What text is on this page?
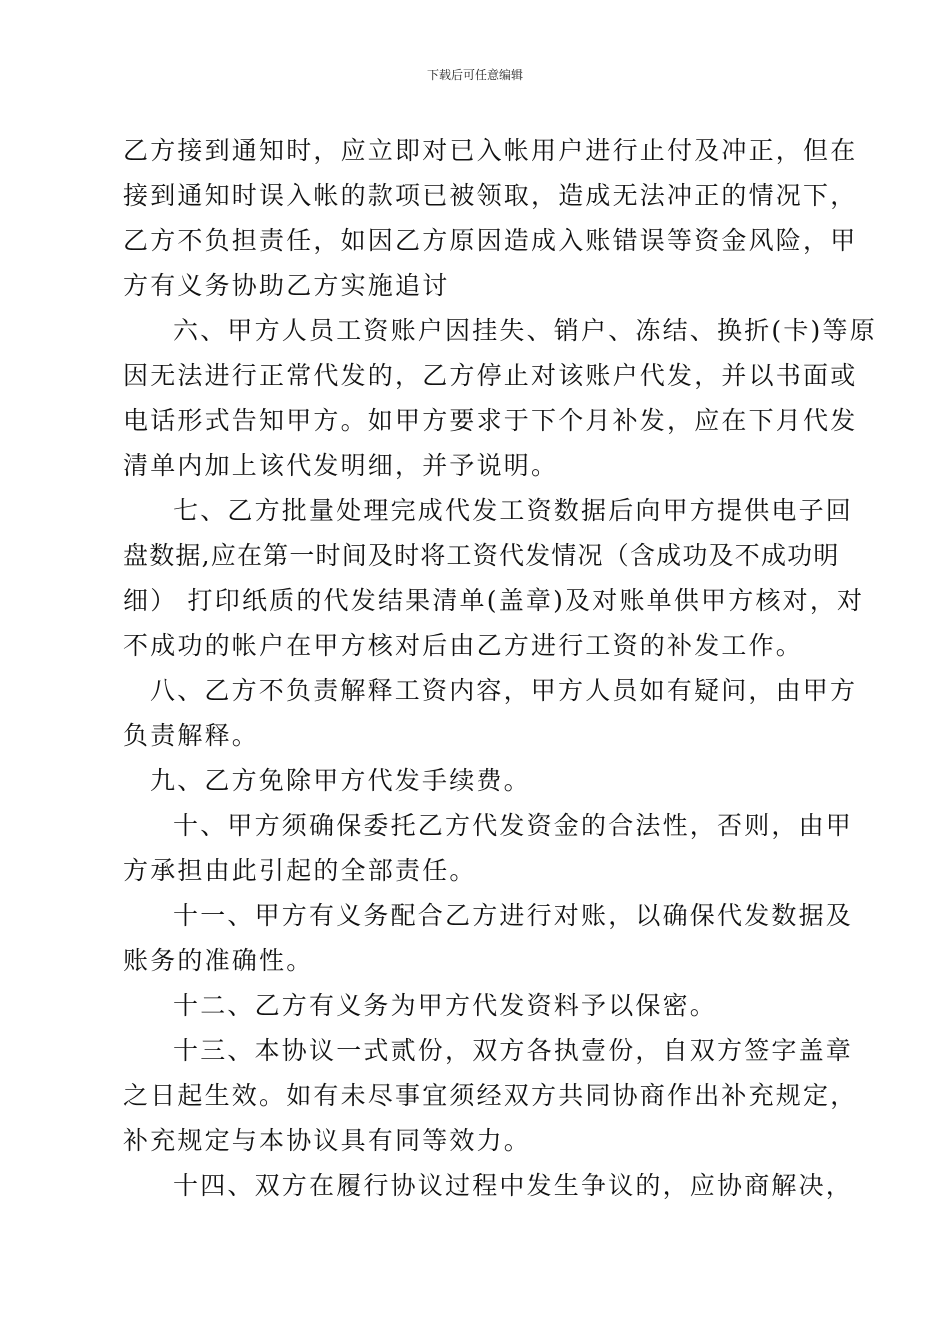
下载后可任意编辑
乙方接到通知时，应立即对已入帐用户进行止付及冲正，但在
接到通知时误入帐的款项已被领取，造成无法冲正的情况下，
乙方不负担责任，如因乙方原因造成入账错误等资金风险，甲
方有义务协助乙方实施追讨
六、甲方人员工资账户因挂失、销户、冻结、换折(卡)等原
因无法进行正常代发的，乙方停止对该账户代发，并以书面或
电话形式告知甲方。如甲方要求于下个月补发，应在下月代发
清单内加上该代发明细，并予说明。
七、乙方批量处理完成代发工资数据后向甲方提供电子回
盘数据,应在第一时间及时将工资代发情况（含成功及不成功明
细） 打印纸质的代发结果清单(盖章)及对账单供甲方核对，对
不成功的帐户在甲方核对后由乙方进行工资的补发工作。
八、乙方不负责解释工资内容，甲方人员如有疑问，由甲方
负责解释。
九、乙方免除甲方代发手续费。
十、甲方须确保委托乙方代发资金的合法性，否则，由甲
方承担由此引起的全部责任。
十一、甲方有义务配合乙方进行对账，以确保代发数据及
账务的准确性。
十二、乙方有义务为甲方代发资料予以保密。
十三、本协议一式贰份，双方各执壹份，自双方签字盖章
之日起生效。如有未尽事宜须经双方共同协商作出补充规定，
补充规定与本协议具有同等效力。
十四、双方在履行协议过程中发生争议的，应协商解决，
